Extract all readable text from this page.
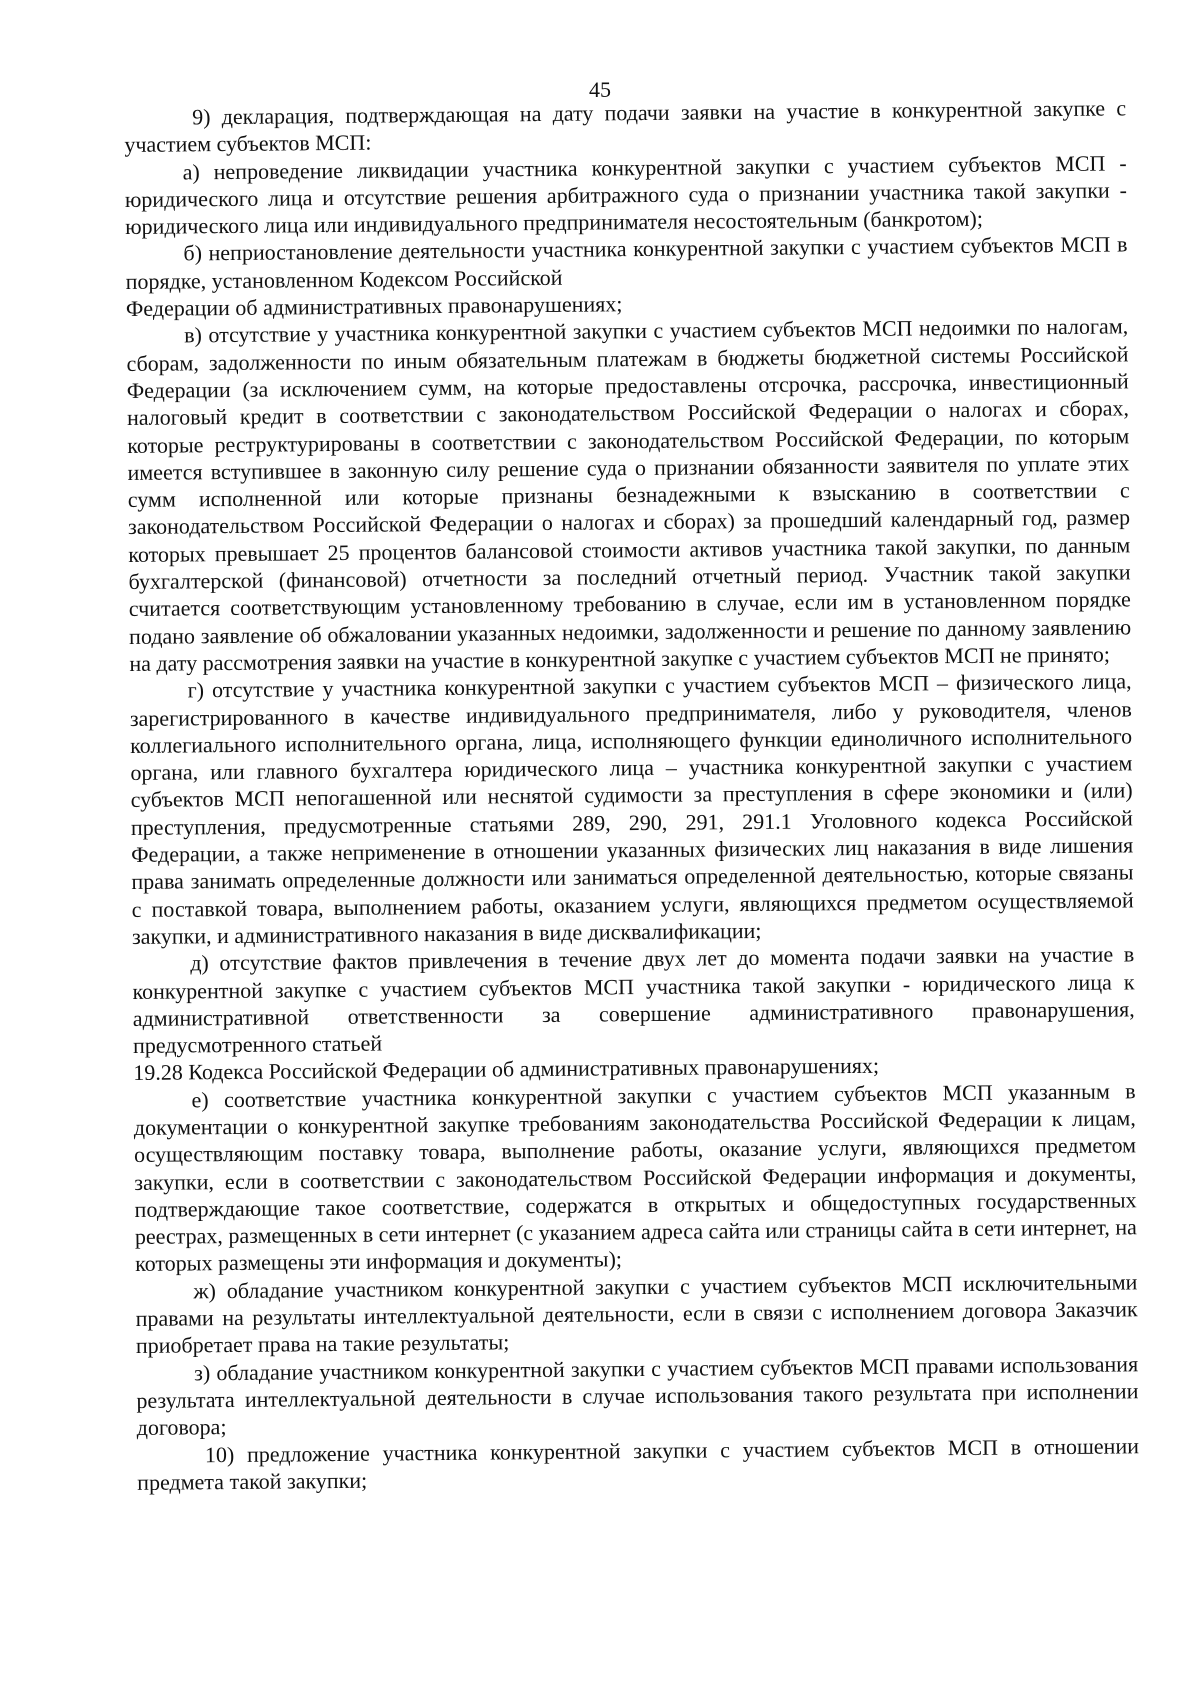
45

9) декларация, подтверждающая на дату подачи заявки на участие в конкурентной закупке с участием субъектов МСП:

а) непроведение ликвидации участника конкурентной закупки с участием субъектов МСП - юридического лица и отсутствие решения арбитражного суда о признании участника такой закупки - юридического лица или индивидуального предпринимателя несостоятельным (банкротом);

б) неприостановление деятельности участника конкурентной закупки с участием субъектов МСП в порядке, установленном Кодексом Российской

Федерации об административных правонарушениях;

в) отсутствие у участника конкурентной закупки с участием субъектов МСП недоимки по налогам, сборам, задолженности по иным обязательным платежам в бюджеты бюджетной системы Российской Федерации (за исключением сумм, на которые предоставлены отсрочка, рассрочка, инвестиционный налоговый кредит в соответствии с законодательством Российской Федерации о налогах и сборах, которые реструктурированы в соответствии с законодательством Российской Федерации, по которым имеется вступившее в законную силу решение суда о признании обязанности заявителя по уплате этих сумм исполненной или которые признаны безнадежными к взысканию в соответствии с законодательством Российской Федерации о налогах и сборах) за прошедший календарный год, размер которых превышает 25 процентов балансовой стоимости активов участника такой закупки, по данным бухгалтерской (финансовой) отчетности за последний отчетный период. Участник такой закупки считается соответствующим установленному требованию в случае, если им в установленном порядке подано заявление об обжаловании указанных недоимки, задолженности и решение по данному заявлению на дату рассмотрения заявки на участие в конкурентной закупке с участием субъектов МСП не принято;

г) отсутствие у участника конкурентной закупки с участием субъектов МСП – физического лица, зарегистрированного в качестве индивидуального предпринимателя, либо у руководителя, членов коллегиального исполнительного органа, лица, исполняющего функции единоличного исполнительного органа, или главного бухгалтера юридического лица – участника конкурентной закупки с участием субъектов МСП непогашенной или неснятой судимости за преступления в сфере экономики и (или) преступления, предусмотренные статьями 289, 290, 291, 291.1 Уголовного кодекса Российской Федерации, а также неприменение в отношении указанных физических лиц наказания в виде лишения права занимать определенные должности или заниматься определенной деятельностью, которые связаны с поставкой товара, выполнением работы, оказанием услуги, являющихся предметом осуществляемой закупки, и административного наказания в виде дисквалификации;

д) отсутствие фактов привлечения в течение двух лет до момента подачи заявки на участие в конкурентной закупке с участием субъектов МСП участника такой закупки - юридического лица к административной ответственности за совершение административного правонарушения, предусмотренного статьей

19.28 Кодекса Российской Федерации об административных правонарушениях;

е) соответствие участника конкурентной закупки с участием субъектов МСП указанным в документации о конкурентной закупке требованиям законодательства Российской Федерации к лицам, осуществляющим поставку товара, выполнение работы, оказание услуги, являющихся предметом закупки, если в соответствии с законодательством Российской Федерации информация и документы, подтверждающие такое соответствие, содержатся в открытых и общедоступных государственных реестрах, размещенных в сети интернет (с указанием адреса сайта или страницы сайта в сети интернет, на которых размещены эти информация и документы);

ж) обладание участником конкурентной закупки с участием субъектов МСП исключительными правами на результаты интеллектуальной деятельности, если в связи с исполнением договора Заказчик приобретает права на такие результаты;

з) обладание участником конкурентной закупки с участием субъектов МСП правами использования результата интеллектуальной деятельности в случае использования такого результата при исполнении договора;

10) предложение участника конкурентной закупки с участием субъектов МСП в отношении предмета такой закупки;
